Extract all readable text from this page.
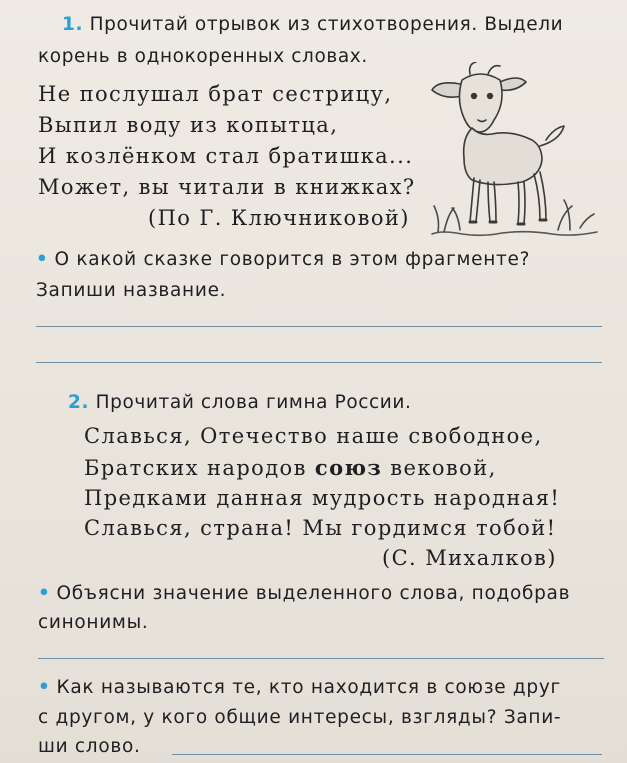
1. Прочитай отрывок из стихотворения. Выдели
корень в однокоренных словах.
Не послушал брат сестрицу,
Выпил воду из копытца,
И козлёнком стал братишка...
Может, вы читали в книжках?
(По Г. Ключниковой)
• О какой сказке говорится в этом фрагменте?
Запиши название.
2. Прочитай слова гимна России.
Славься, Отечество наше свободное,
Братских народов союз вековой,
Предками данная мудрость народная!
Славься, страна! Мы гордимся тобой!
(С. Михалков)
• Объясни значение выделенного слова, подобрав
синонимы.
• Как называются те, кто находится в союзе друг
с другом, у кого общие интересы, взгляды? Запи-
ши слово.
